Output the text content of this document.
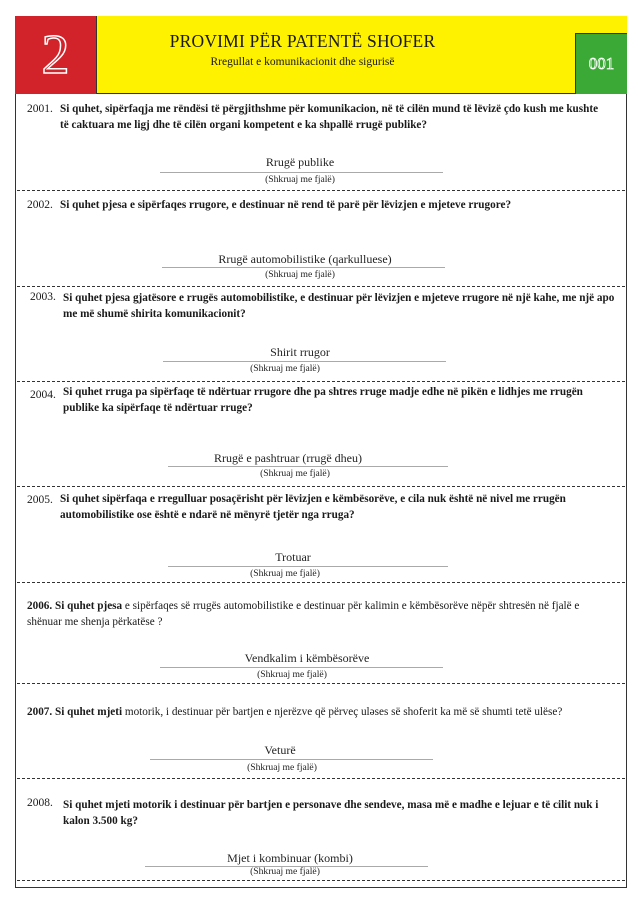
2	PROVIMI PËR PATENTË SHOFER
Rregullat e komunikacionit dhe sigurisë	001
2001. Si quhet, sipërfaqja me rëndësi të përgjithshme për komunikacion, në të cilën mund të lëvizë çdo kush me kushte të caktuara me ligj dhe të cilën organi kompetent e ka shpallë rrugë publike?
Rrugë publike
(Shkruaj me fjalë)
2002. Si quhet pjesa e sipërfaqes rrugore, e destinuar në rend të parë për lëvizjen e mjeteve rrugore?
Rrugë automobilistike (qarkulluese)
(Shkruaj me fjalë)
2003. Si quhet pjesa gjatësore e rrugës automobilistike, e destinuar për lëvizjen e mjeteve rrugore në një kahe, me një apo me më shumë shirita komunikacionit?
Shirit rrugor
(Shkruaj me fjalë)
2004. Si quhet rruga pa sipërfaqe të ndërtuar rrugore dhe pa shtres rruge madje edhe në pikën e lidhjes me rrugën publike ka sipërfaqe të ndërtuar rruge?
Rrugë e pashtruar (rrugë dheu)
(Shkruaj me fjalë)
2005. Si quhet sipërfaqa e rregulluar posaçërisht për lëvizjen e këmbësorëve, e cila nuk është në nivel me rrugën automobilistike ose është e ndarë në mënyrë tjetër nga rruga?
Trotuar
(Shkruaj me fjalë)
2006. Si quhet pjesa e sipërfaqes së rrugës automobilistike e destinuar për kalimin e këmbësorëve nëpër shtresën në fjalë e shënuar me shenja përkatëse ?
Vendkalim i këmbësorëve
(Shkruaj me fjalë)
2007. Si quhet mjeti motorik, i destinuar për bartjen e njerëzve që përveç uləses së shoferit ka më së shumti tetë ulëse?
Veturë
(Shkruaj me fjalë)
2008. Si quhet mjeti motorik i destinuar për bartjen e personave dhe sendeve, masa më e madhe e lejuar e të cilit nuk i kalon 3.500 kg?
Mjet i kombinuar (kombi)
(Shkruaj me fjalë)
